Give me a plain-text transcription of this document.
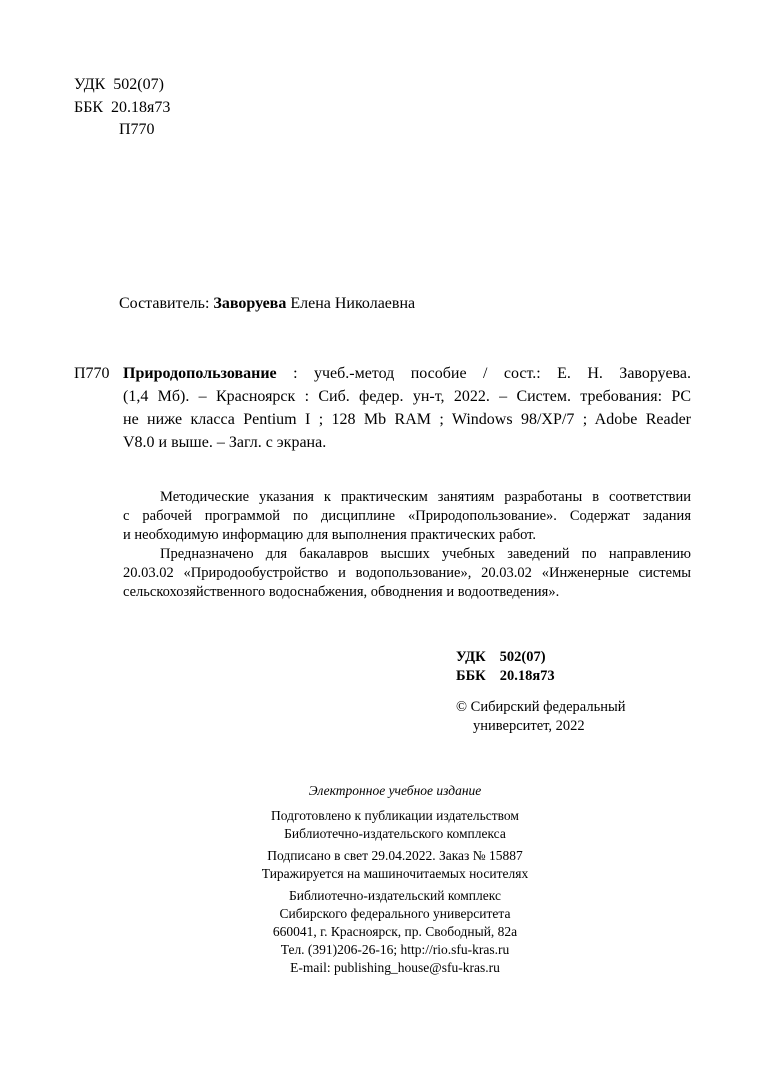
УДК 502(07)
ББК 20.18я73
П770
Составитель: Заворуева Елена Николаевна
П770 Природопользование : учеб.-метод пособие / сост.: Е. Н. Заворуева.
(1,4 Мб). – Красноярск : Сиб. федер. ун-т, 2022. – Систем. требования: PC
не ниже класса Pentium I ; 128 Mb RAM ; Windows 98/XP/7 ; Adobe Reader
V8.0 и выше. – Загл. с экрана.
Методические указания к практическим занятиям разработаны в соответствии
с рабочей программой по дисциплине «Природопользование». Содержат задания
и необходимую информацию для выполнения практических работ.
Предназначено для бакалавров высших учебных заведений по направлению
20.03.02 «Природообустройство и водопользование», 20.03.02 «Инженерные системы
сельскохозяйственного водоснабжения, обводнения и водоотведения».
УДК 502(07)
ББК 20.18я73
© Сибирский федеральный
университет, 2022
Электронное учебное издание
Подготовлено к публикации издательством
Библиотечно-издательского комплекса
Подписано в свет 29.04.2022. Заказ № 15887
Тиражируется на машиночитаемых носителях
Библиотечно-издательский комплекс
Сибирского федерального университета
660041, г. Красноярск, пр. Свободный, 82а
Тел. (391)206-26-16; http://rio.sfu-kras.ru
E-mail: publishing_house@sfu-kras.ru
